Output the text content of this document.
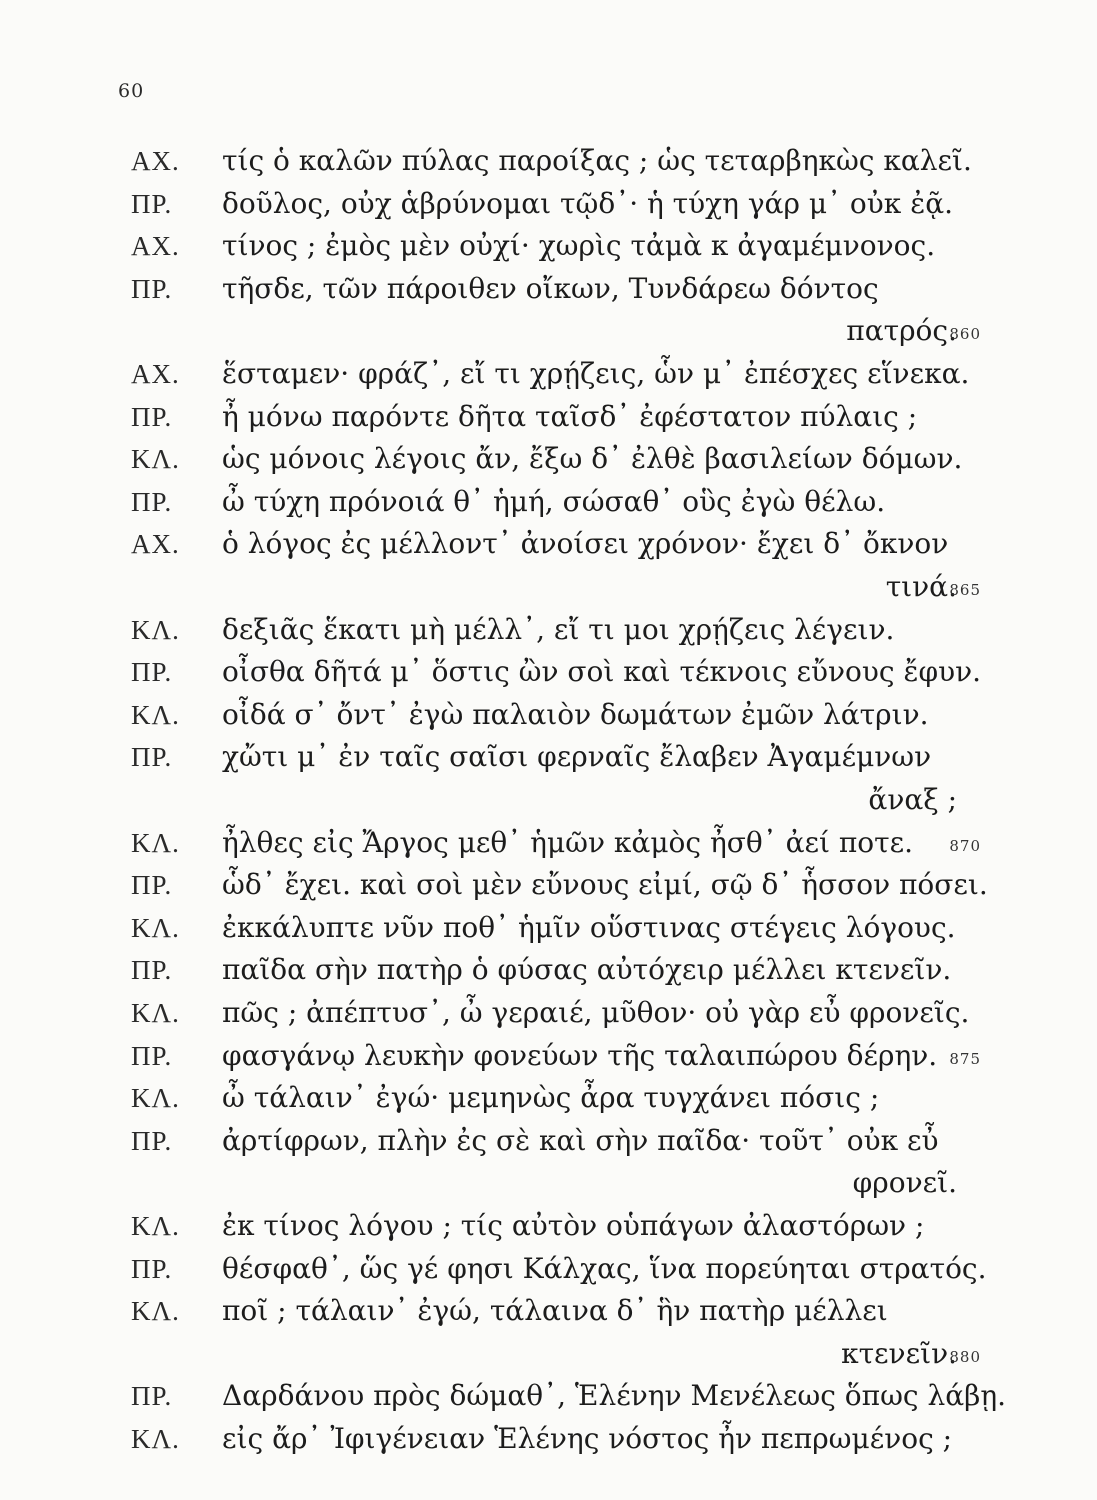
60
ΑΧ. τίς ὁ καλῶν πύλας παροίξας ; ὡς τεταρβηκὼς καλεῖ.
ΠΡ. δοῦλος, οὐχ ἁβρύνομαι τῷδ᾽· ἡ τύχη γάρ μ᾽ οὐκ ἐᾷ.
ΑΧ. τίνος ; ἐμὸς μὲν οὐχί· χωρὶς τἀμὰ κ ἀγαμέμνονος.
ΠΡ. τῆσδε, τῶν πάροιθεν οἴκων, Τυνδάρεω δόντος
πατρός.
860
ΑΧ. ἕσταμεν· φράζ᾽, εἴ τι χρῄζεις, ὧν μ᾽ ἐπέσχες εἵνεκα.
ΠΡ. ἦ μόνω παρόντε δῆτα ταῖσδ᾽ ἐφέστατον πύλαις ;
ΚΛ. ὡς μόνοις λέγοις ἄν, ἔξω δ᾽ ἐλθὲ βασιλείων δόμων.
ΠΡ. ὦ τύχη πρόνοιά θ᾽ ἡμή, σώσαθ᾽ οὓς ἐγὼ θέλω.
ΑΧ. ὁ λόγος ἐς μέλλοντ᾽ ἀνοίσει χρόνον· ἔχει δ᾽ ὄκνον
τινά.
865
ΚΛ. δεξιᾶς ἕκατι μὴ μέλλ᾽, εἴ τι μοι χρῄζεις λέγειν.
ΠΡ. οἶσθα δῆτά μ᾽ ὅστις ὢν σοὶ καὶ τέκνοις εὔνους ἔφυν.
ΚΛ. οἶδά σ᾽ ὄντ᾽ ἐγὼ παλαιὸν δωμάτων ἐμῶν λάτριν.
ΠΡ. χὤτι μ᾽ ἐν ταῖς σαῖσι φερναῖς ἔλαβεν Ἀγαμέμνων
ἄναξ ;
ΚΛ. ἦλθες εἰς Ἄργος μεθ᾽ ἡμῶν κἀμὸς ἦσθ᾽ ἀεί ποτε. 870
ΠΡ. ὧδ᾽ ἔχει. καὶ σοὶ μὲν εὔνους εἰμί, σῷ δ᾽ ἧσσον πόσει.
ΚΛ. ἐκκάλυπτε νῦν ποθ᾽ ἡμῖν οὕστινας στέγεις λόγους.
ΠΡ. παῖδα σὴν πατὴρ ὁ φύσας αὐτόχειρ μέλλει κτενεῖν.
ΚΛ. πῶς ; ἀπέπτυσ᾽, ὦ γεραιέ, μῦθον· οὐ γὰρ εὖ φρονεῖς.
ΠΡ. φασγάνῳ λευκὴν φονεύων τῆς ταλαιπώρου δέρην. 875
ΚΛ. ὦ τάλαιν᾽ ἐγώ· μεμηνὼς ἆρα τυγχάνει πόσις ;
ΠΡ. ἀρτίφρων, πλὴν ἐς σὲ καὶ σὴν παῖδα· τοῦτ᾽ οὐκ εὖ
φρονεῖ.
ΚΛ. ἐκ τίνος λόγου ; τίς αὐτὸν οὑπάγων ἀλαστόρων ;
ΠΡ. θέσφαθ᾽, ὥς γέ φησι Κάλχας, ἵνα πορεύηται στρατός.
ΚΛ. ποῖ ; τάλαιν᾽ ἐγώ, τάλαινα δ᾽ ἣν πατὴρ μέλλει
κτενεῖν.
880
ΠΡ. Δαρδάνου πρὸς δώμαθ᾽, Ἑλένην Μενέλεως ὅπως λάβῃ.
ΚΛ. εἰς ἄρ᾽ Ἰφιγένειαν Ἑλένης νόστος ἦν πεπρωμένος ;
